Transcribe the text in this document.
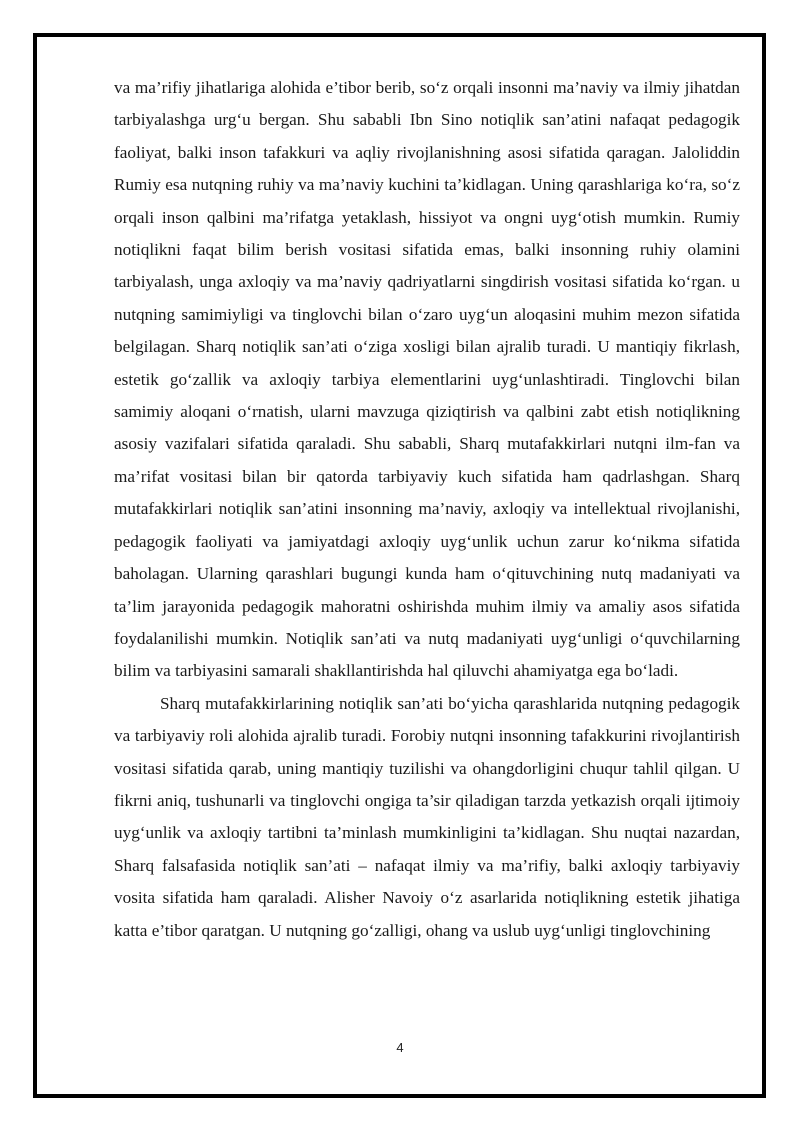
va ma’rifiy jihatlariga alohida e’tibor berib, so‘z orqali insonni ma’naviy va ilmiy jihatdan tarbiyalashga urg‘u bergan. Shu sababli Ibn Sino notiqlik san’atini nafaqat pedagogik faoliyat, balki inson tafakkuri va aqliy rivojlanishning asosi sifatida qaragan. Jaloliddin Rumiy esa nutqning ruhiy va ma’naviy kuchini ta’kidlagan. Uning qarashlariga ko‘ra, so‘z orqali inson qalbini ma’rifatga yetaklash, hissiyot va ongni uyg‘otish mumkin. Rumiy notiqlikni faqat bilim berish vositasi sifatida emas, balki insonning ruhiy olamini tarbiyalash, unga axloqiy va ma’naviy qadriyatlarni singdirish vositasi sifatida ko‘rgan. u nutqning samimiyligi va tinglovchi bilan o‘zaro uyg‘un aloqasini muhim mezon sifatida belgilagan. Sharq notiqlik san’ati o‘ziga xosligi bilan ajralib turadi. U mantiqiy fikrlash, estetik go‘zallik va axloqiy tarbiya elementlarini uyg‘unlashtiradi. Tinglovchi bilan samimiy aloqani o‘rnatish, ularni mavzuga qiziqtirish va qalbini zabt etish notiqlikning asosiy vazifalari sifatida qaraladi. Shu sababli, Sharq mutafakkirlari nutqni ilm-fan va ma’rifat vositasi bilan bir qatorda tarbiyaviy kuch sifatida ham qadrlashgan. Sharq mutafakkirlari notiqlik san’atini insonning ma’naviy, axloqiy va intellektual rivojlanishi, pedagogik faoliyati va jamiyatdagi axloqiy uyg‘unlik uchun zarur ko‘nikma sifatida baholagan. Ularning qarashlari bugungi kunda ham o‘qituvchining nutq madaniyati va ta’lim jarayonida pedagogik mahoratni oshirishda muhim ilmiy va amaliy asos sifatida foydalanilishi mumkin. Notiqlik san’ati va nutq madaniyati uyg‘unligi o‘quvchilarning bilim va tarbiyasini samarali shakllantirishda hal qiluvchi ahamiyatga ega bo‘ladi.

Sharq mutafakkirlarining notiqlik san’ati bo‘yicha qarashlarida nutqning pedagogik va tarbiyaviy roli alohida ajralib turadi. Forobiy nutqni insonning tafakkurini rivojlantirish vositasi sifatida qarab, uning mantiqiy tuzilishi va ohangdorligini chuqur tahlil qilgan. U fikrni aniq, tushunarli va tinglovchi ongiga ta’sir qiladigan tarzda yetkazish orqali ijtimoiy uyg‘unlik va axloqiy tartibni ta’minlash mumkinligini ta’kidlagan. Shu nuqtai nazardan, Sharq falsafasida notiqlik san’ati – nafaqat ilmiy va ma’rifiy, balki axloqiy tarbiyaviy vosita sifatida ham qaraladi. Alisher Navoiy o‘z asarlarida notiqlikning estetik jihatiga katta e’tibor qaratgan. U nutqning go‘zalligi, ohang va uslub uyg‘unligi tinglovchining

4
